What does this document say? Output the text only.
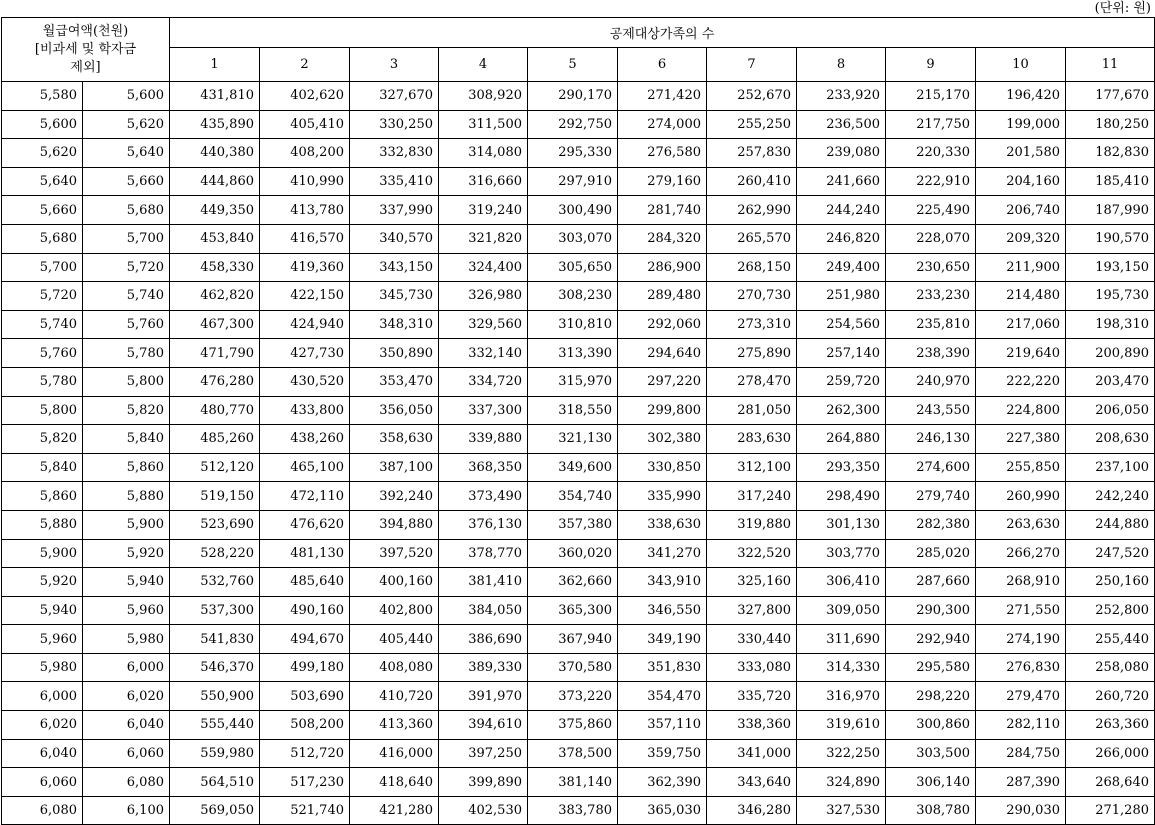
(단위: 원)
월급여액(천원)
[비과세 및 학자금
제외]		공제대상가족의 수										
		1	2	3	4	5	6	7	8	9	10	11
5,580	5,600	431,810	402,620	327,670	308,920	290,170	271,420	252,670	233,920	215,170	196,420	177,670
5,600	5,620	435,890	405,410	330,250	311,500	292,750	274,000	255,250	236,500	217,750	199,000	180,250
5,620	5,640	440,380	408,200	332,830	314,080	295,330	276,580	257,830	239,080	220,330	201,580	182,830
5,640	5,660	444,860	410,990	335,410	316,660	297,910	279,160	260,410	241,660	222,910	204,160	185,410
5,660	5,680	449,350	413,780	337,990	319,240	300,490	281,740	262,990	244,240	225,490	206,740	187,990
5,680	5,700	453,840	416,570	340,570	321,820	303,070	284,320	265,570	246,820	228,070	209,320	190,570
5,700	5,720	458,330	419,360	343,150	324,400	305,650	286,900	268,150	249,400	230,650	211,900	193,150
5,720	5,740	462,820	422,150	345,730	326,980	308,230	289,480	270,730	251,980	233,230	214,480	195,730
5,740	5,760	467,300	424,940	348,310	329,560	310,810	292,060	273,310	254,560	235,810	217,060	198,310
5,760	5,780	471,790	427,730	350,890	332,140	313,390	294,640	275,890	257,140	238,390	219,640	200,890
5,780	5,800	476,280	430,520	353,470	334,720	315,970	297,220	278,470	259,720	240,970	222,220	203,470
5,800	5,820	480,770	433,800	356,050	337,300	318,550	299,800	281,050	262,300	243,550	224,800	206,050
5,820	5,840	485,260	438,260	358,630	339,880	321,130	302,380	283,630	264,880	246,130	227,380	208,630
5,840	5,860	512,120	465,100	387,100	368,350	349,600	330,850	312,100	293,350	274,600	255,850	237,100
5,860	5,880	519,150	472,110	392,240	373,490	354,740	335,990	317,240	298,490	279,740	260,990	242,240
5,880	5,900	523,690	476,620	394,880	376,130	357,380	338,630	319,880	301,130	282,380	263,630	244,880
5,900	5,920	528,220	481,130	397,520	378,770	360,020	341,270	322,520	303,770	285,020	266,270	247,520
5,920	5,940	532,760	485,640	400,160	381,410	362,660	343,910	325,160	306,410	287,660	268,910	250,160
5,940	5,960	537,300	490,160	402,800	384,050	365,300	346,550	327,800	309,050	290,300	271,550	252,800
5,960	5,980	541,830	494,670	405,440	386,690	367,940	349,190	330,440	311,690	292,940	274,190	255,440
5,980	6,000	546,370	499,180	408,080	389,330	370,580	351,830	333,080	314,330	295,580	276,830	258,080
6,000	6,020	550,900	503,690	410,720	391,970	373,220	354,470	335,720	316,970	298,220	279,470	260,720
6,020	6,040	555,440	508,200	413,360	394,610	375,860	357,110	338,360	319,610	300,860	282,110	263,360
6,040	6,060	559,980	512,720	416,000	397,250	378,500	359,750	341,000	322,250	303,500	284,750	266,000
6,060	6,080	564,510	517,230	418,640	399,890	381,140	362,390	343,640	324,890	306,140	287,390	268,640
6,080	6,100	569,050	521,740	421,280	402,530	383,780	365,030	346,280	327,530	308,780	290,030	271,280
